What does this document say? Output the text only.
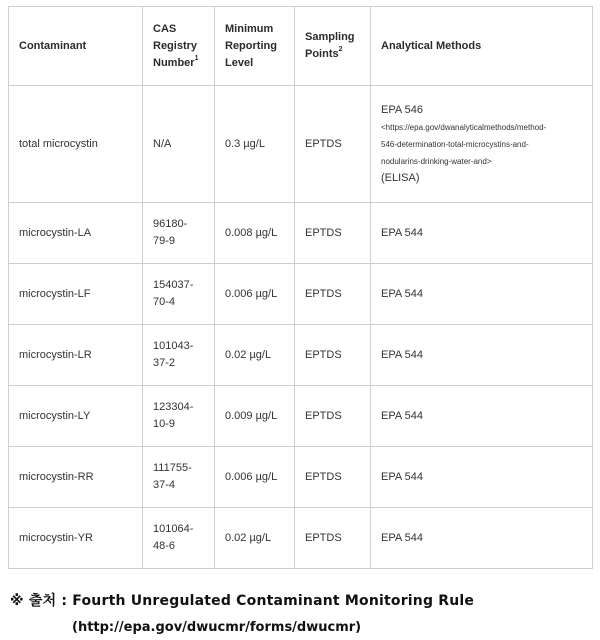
Contaminant	CAS
Registry
Number$^1$	Minimum
Reporting
Level	Sampling
Points$^2$	Analytical Methods
total microcystin	N/A	0.3 µg/L	EPTDS	EPA 546
<https://epa.gov/dwanalyticalmethods/method-
546-determination-total-microcystins-and-
nodularins-drinking-water-and>
(ELISA)

microcystin-LA	96180-
79-9	0.008 µg/L	EPTDS	EPA 544
microcystin-LF	154037-
70-4	0.006 µg/L	EPTDS	EPA 544
microcystin-LR	101043-
37-2	0.02 µg/L	EPTDS	EPA 544
microcystin-LY	123304-
10-9	0.009 µg/L	EPTDS	EPA 544
microcystin-RR	111755-
37-4	0.006 µg/L	EPTDS	EPA 544
microcystin-YR	101064-
48-6	0.02 µg/L	EPTDS	EPA 544
※ 출처 : Fourth Unregulated Contaminant Monitoring Rule
(http://epa.gov/dwucmr/forms/dwucmr)
